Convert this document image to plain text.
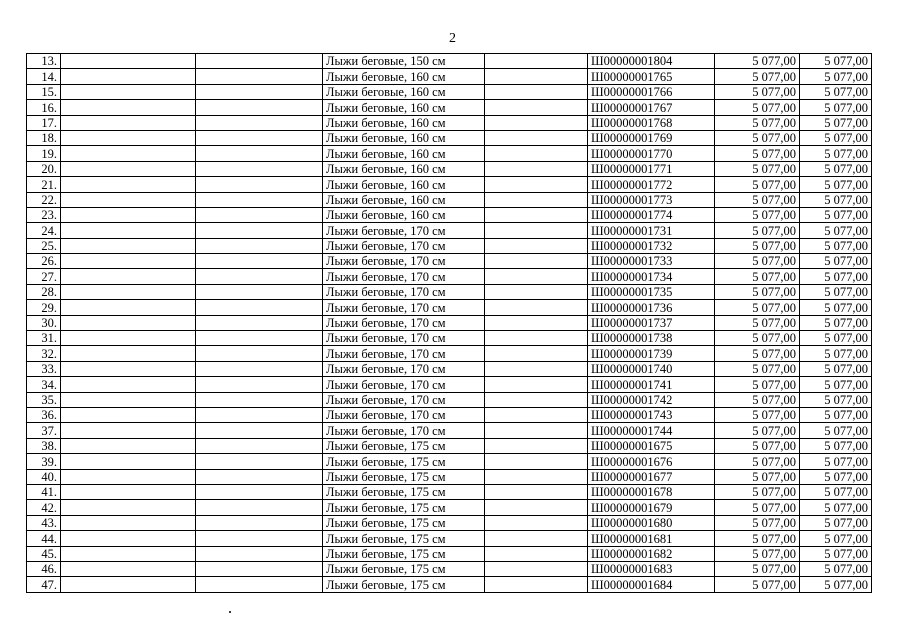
2
13.			Лыжи беговые, 150 см		Ш00000001804	5 077,00	5 077,00
14.			Лыжи беговые, 160 см		Ш00000001765	5 077,00	5 077,00
15.			Лыжи беговые, 160 см		Ш00000001766	5 077,00	5 077,00
16.			Лыжи беговые, 160 см		Ш00000001767	5 077,00	5 077,00
17.			Лыжи беговые, 160 см		Ш00000001768	5 077,00	5 077,00
18.			Лыжи беговые, 160 см		Ш00000001769	5 077,00	5 077,00
19.			Лыжи беговые, 160 см		Ш00000001770	5 077,00	5 077,00
20.			Лыжи беговые, 160 см		Ш00000001771	5 077,00	5 077,00
21.			Лыжи беговые, 160 см		Ш00000001772	5 077,00	5 077,00
22.			Лыжи беговые, 160 см		Ш00000001773	5 077,00	5 077,00
23.			Лыжи беговые, 160 см		Ш00000001774	5 077,00	5 077,00
24.			Лыжи беговые, 170 см		Ш00000001731	5 077,00	5 077,00
25.			Лыжи беговые, 170 см		Ш00000001732	5 077,00	5 077,00
26.			Лыжи беговые, 170 см		Ш00000001733	5 077,00	5 077,00
27.			Лыжи беговые, 170 см		Ш00000001734	5 077,00	5 077,00
28.			Лыжи беговые, 170 см		Ш00000001735	5 077,00	5 077,00
29.			Лыжи беговые, 170 см		Ш00000001736	5 077,00	5 077,00
30.			Лыжи беговые, 170 см		Ш00000001737	5 077,00	5 077,00
31.			Лыжи беговые, 170 см		Ш00000001738	5 077,00	5 077,00
32.			Лыжи беговые, 170 см		Ш00000001739	5 077,00	5 077,00
33.			Лыжи беговые, 170 см		Ш00000001740	5 077,00	5 077,00
34.			Лыжи беговые, 170 см		Ш00000001741	5 077,00	5 077,00
35.			Лыжи беговые, 170 см		Ш00000001742	5 077,00	5 077,00
36.			Лыжи беговые, 170 см		Ш00000001743	5 077,00	5 077,00
37.			Лыжи беговые, 170 см		Ш00000001744	5 077,00	5 077,00
38.			Лыжи беговые, 175 см		Ш00000001675	5 077,00	5 077,00
39.			Лыжи беговые, 175 см		Ш00000001676	5 077,00	5 077,00
40.			Лыжи беговые, 175 см		Ш00000001677	5 077,00	5 077,00
41.			Лыжи беговые, 175 см		Ш00000001678	5 077,00	5 077,00
42.			Лыжи беговые, 175 см		Ш00000001679	5 077,00	5 077,00
43.			Лыжи беговые, 175 см		Ш00000001680	5 077,00	5 077,00
44.			Лыжи беговые, 175 см		Ш00000001681	5 077,00	5 077,00
45.			Лыжи беговые, 175 см		Ш00000001682	5 077,00	5 077,00
46.			Лыжи беговые, 175 см		Ш00000001683	5 077,00	5 077,00
47.			Лыжи беговые, 175 см		Ш00000001684	5 077,00	5 077,00
